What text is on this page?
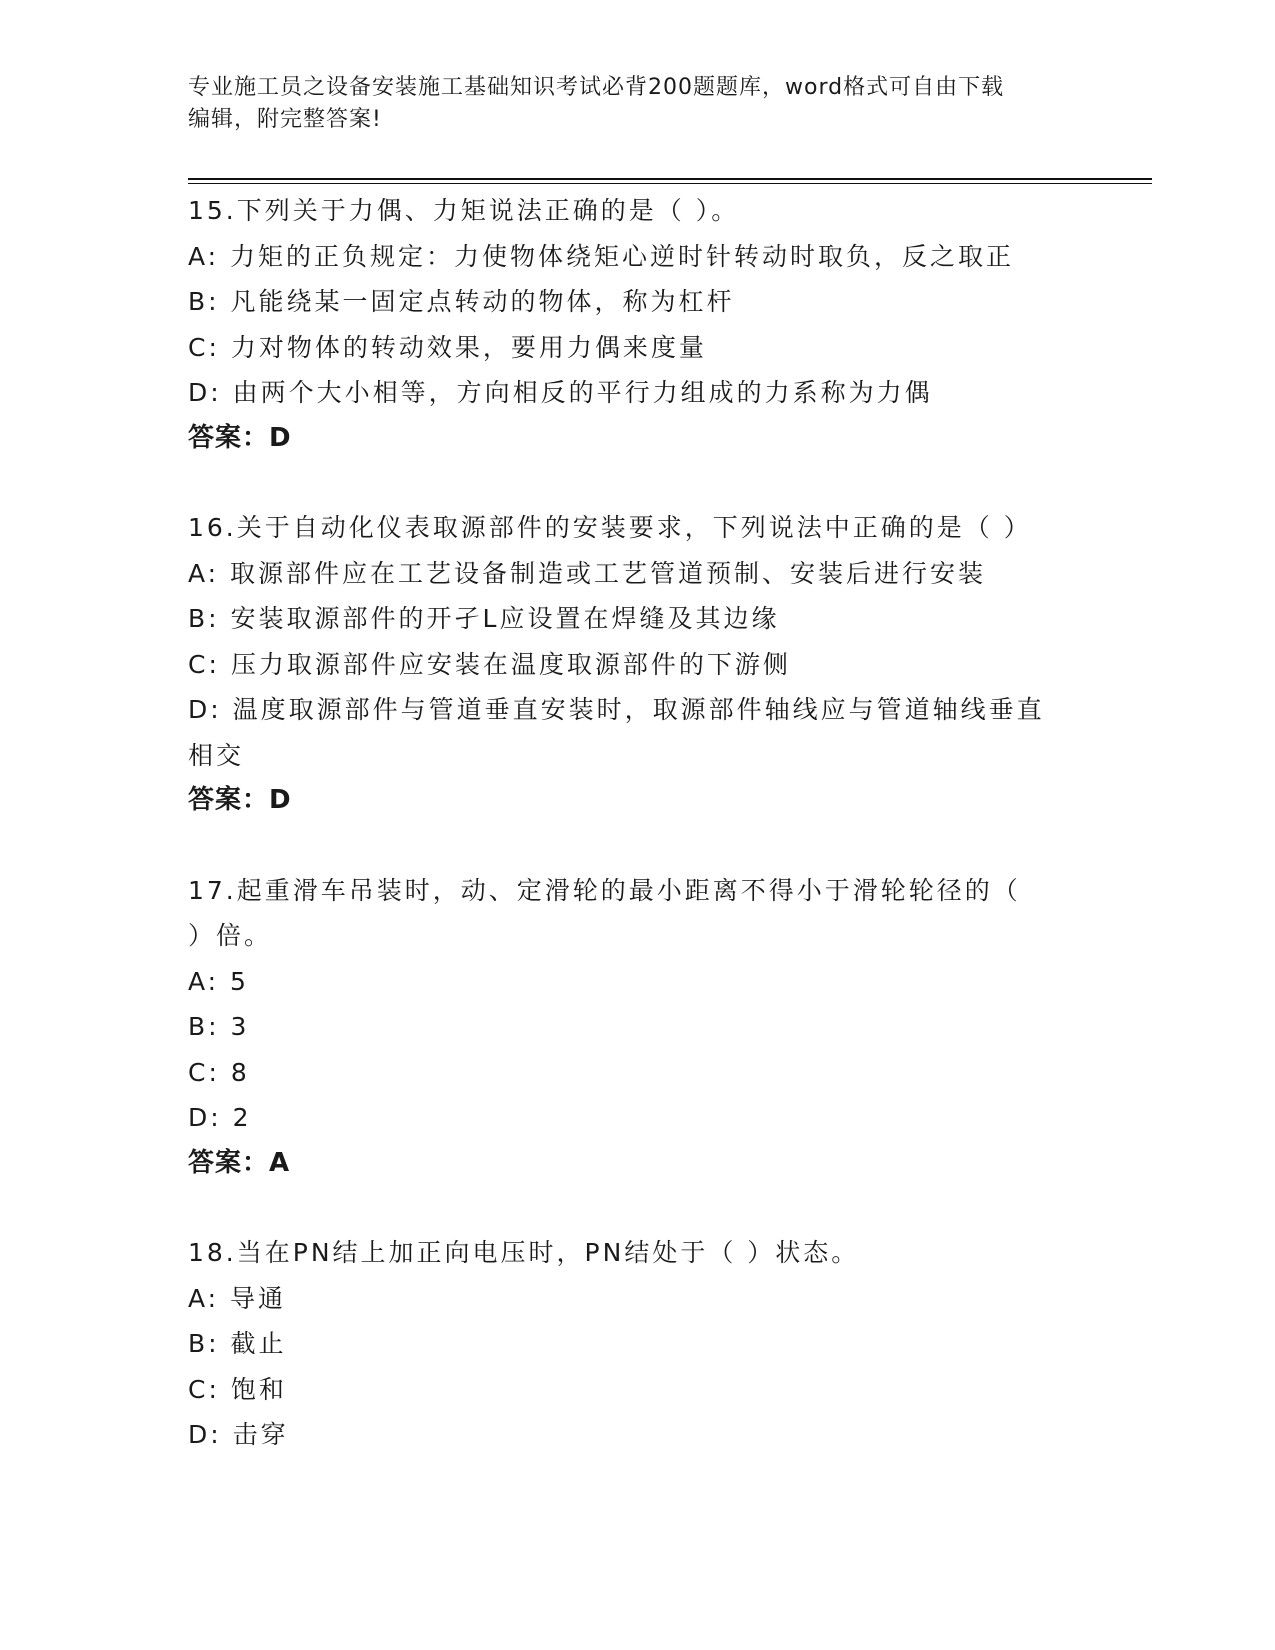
专业施工员之设备安装施工基础知识考试必背200题题库，word格式可自由下载
编辑，附完整答案!
15.下列关于力偶、力矩说法正确的是（ ）。
A: 力矩的正负规定：力使物体绕矩心逆时针转动时取负，反之取正
B: 凡能绕某一固定点转动的物体，称为杠杆
C: 力对物体的转动效果，要用力偶来度量
D: 由两个大小相等，方向相反的平行力组成的力系称为力偶
答案：D
16.关于自动化仪表取源部件的安装要求，下列说法中正确的是（ ）
A: 取源部件应在工艺设备制造或工艺管道预制、安装后进行安装
B: 安装取源部件的开孑L应设置在焊缝及其边缘
C: 压力取源部件应安装在温度取源部件的下游侧
D: 温度取源部件与管道垂直安装时，取源部件轴线应与管道轴线垂直
相交
答案：D
17.起重滑车吊装时，动、定滑轮的最小距离不得小于滑轮轮径的（
）倍。
A: 5
B: 3
C: 8
D: 2
答案：A
18.当在PN结上加正向电压时，PN结处于（ ）状态。
A: 导通
B: 截止
C: 饱和
D: 击穿
